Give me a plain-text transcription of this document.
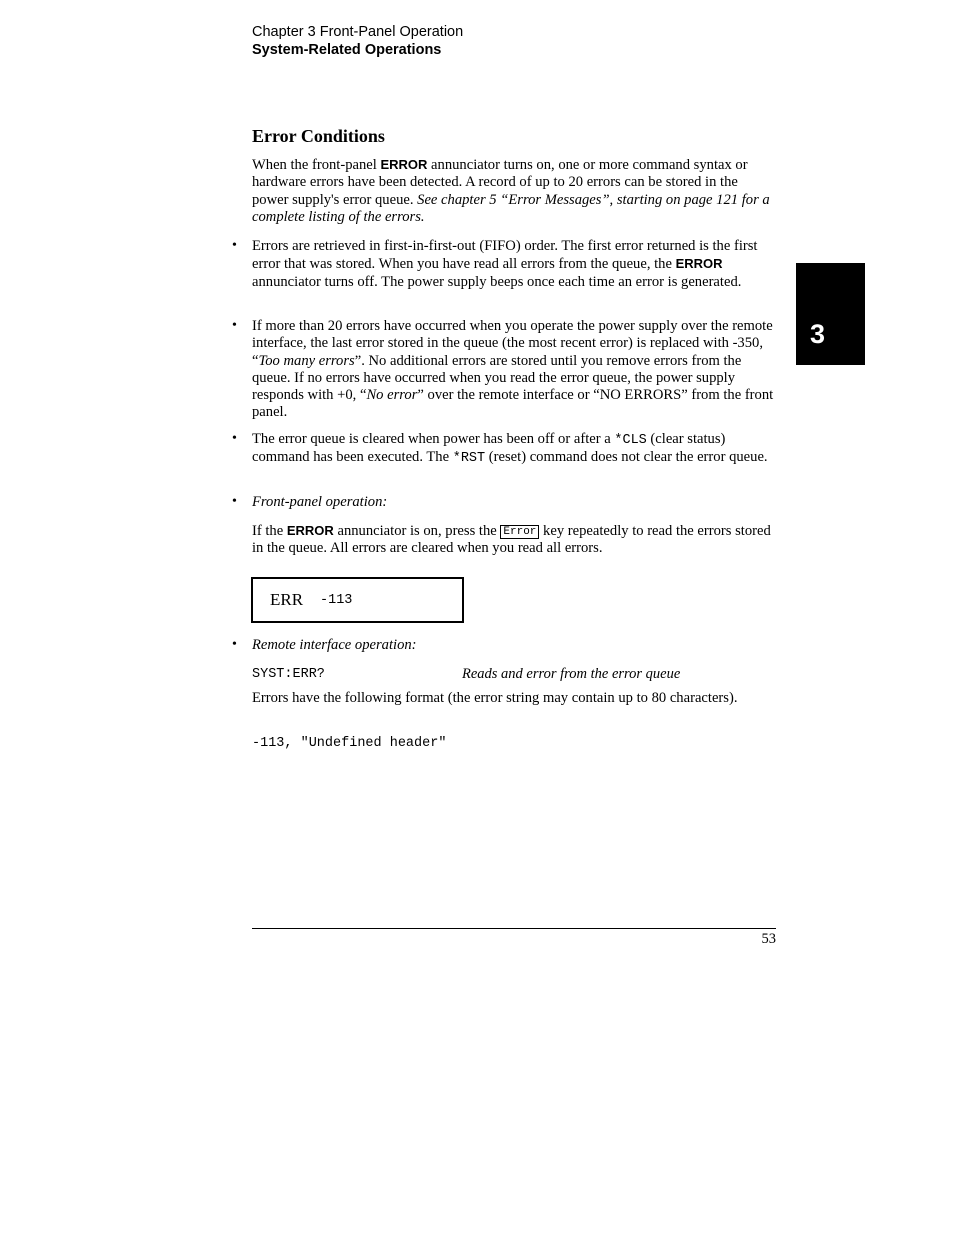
Chapter 3 Front-Panel Operation
System-Related Operations
Error Conditions
When the front-panel ERROR annunciator turns on, one or more command syntax or hardware errors have been detected. A record of up to 20 errors can be stored in the power supply's error queue. See chapter 5 “Error Messages”, starting on page 121 for a complete listing of the errors.
• Errors are retrieved in first-in-first-out (FIFO) order. The first error returned is the first error that was stored. When you have read all errors from the queue, the ERROR annunciator turns off. The power supply beeps once each time an error is generated.
• If more than 20 errors have occurred when you operate the power supply over the remote interface, the last error stored in the queue (the most recent error) is replaced with -350, “Too many errors”. No additional errors are stored until you remove errors from the queue. If no errors have occurred when you read the error queue, the power supply responds with +0, “No error” over the remote interface or “NO ERRORS” from the front panel.
• The error queue is cleared when power has been off or after a *CLS (clear status) command has been executed. The *RST (reset) command does not clear the error queue.
• Front-panel operation:
If the ERROR annunciator is on, press the Error key repeatedly to read the errors stored in the queue. All errors are cleared when you read all errors.
ERR -113
• Remote interface operation:
SYST:ERR?	Reads and error from the error queue
Errors have the following format (the error string may contain up to 80 characters).
-113, "Undefined header"
53
3
